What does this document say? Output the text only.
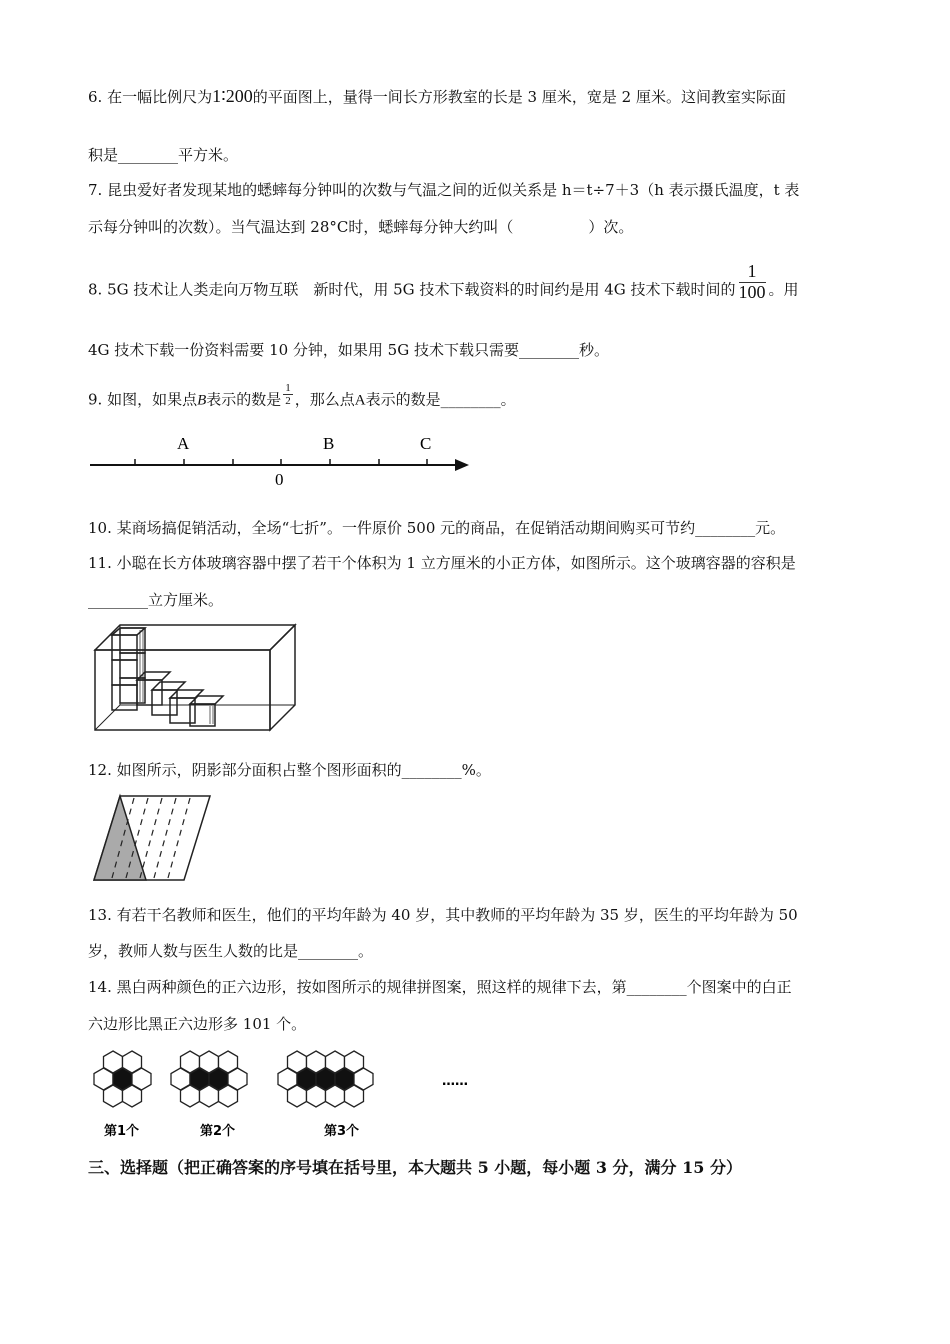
6. 在一幅比例尺为1∶200的平面图上，量得一间长方形教室的长是 3 厘米，宽是 2 厘米。这间教室实际面
积是________平方米。
7. 昆虫爱好者发现某地的蟋蟀每分钟叫的次数与气温之间的近似关系是 h＝t÷7＋3（h 表示摄氏温度，t 表
示每分钟叫的次数）。当气温达到 28°C时，蟋蟀每分钟大约叫（　　　　　）次。
8. 5G 技术让人类走向万物互联　新时代，用 5G 技术下载资料的时间约是用 4G 技术下载时间的 $\frac{1}{100}$ 。用
4G 技术下载一份资料需要 10 分钟，如果用 5G 技术下载只需要________秒。
9. 如图，如果点B表示的数是 $\frac{1}{2}$ ，那么点A表示的数是________。
A	B	C
0
10. 某商场搞促销活动，全场“七折”。一件原价 500 元的商品，在促销活动期间购买可节约________元。
11. 小聪在长方体玻璃容器中摆了若干个体积为 1 立方厘米的小正方体，如图所示。这个玻璃容器的容积是
________立方厘米。
12. 如图所示，阴影部分面积占整个图形面积的________%。
13. 有若干名教师和医生，他们的平均年龄为 40 岁，其中教师的平均年龄为 35 岁，医生的平均年龄为 50
岁，教师人数与医生人数的比是________。
14. 黑白两种颜色的正六边形，按如图所示的规律拼图案，照这样的规律下去，第________个图案中的白正
六边形比黑正六边形多 101 个。
……
第1个	第2个	第3个
三、选择题（把正确答案的序号填在括号里，本大题共 5 小题，每小题 3 分，满分 15 分）
